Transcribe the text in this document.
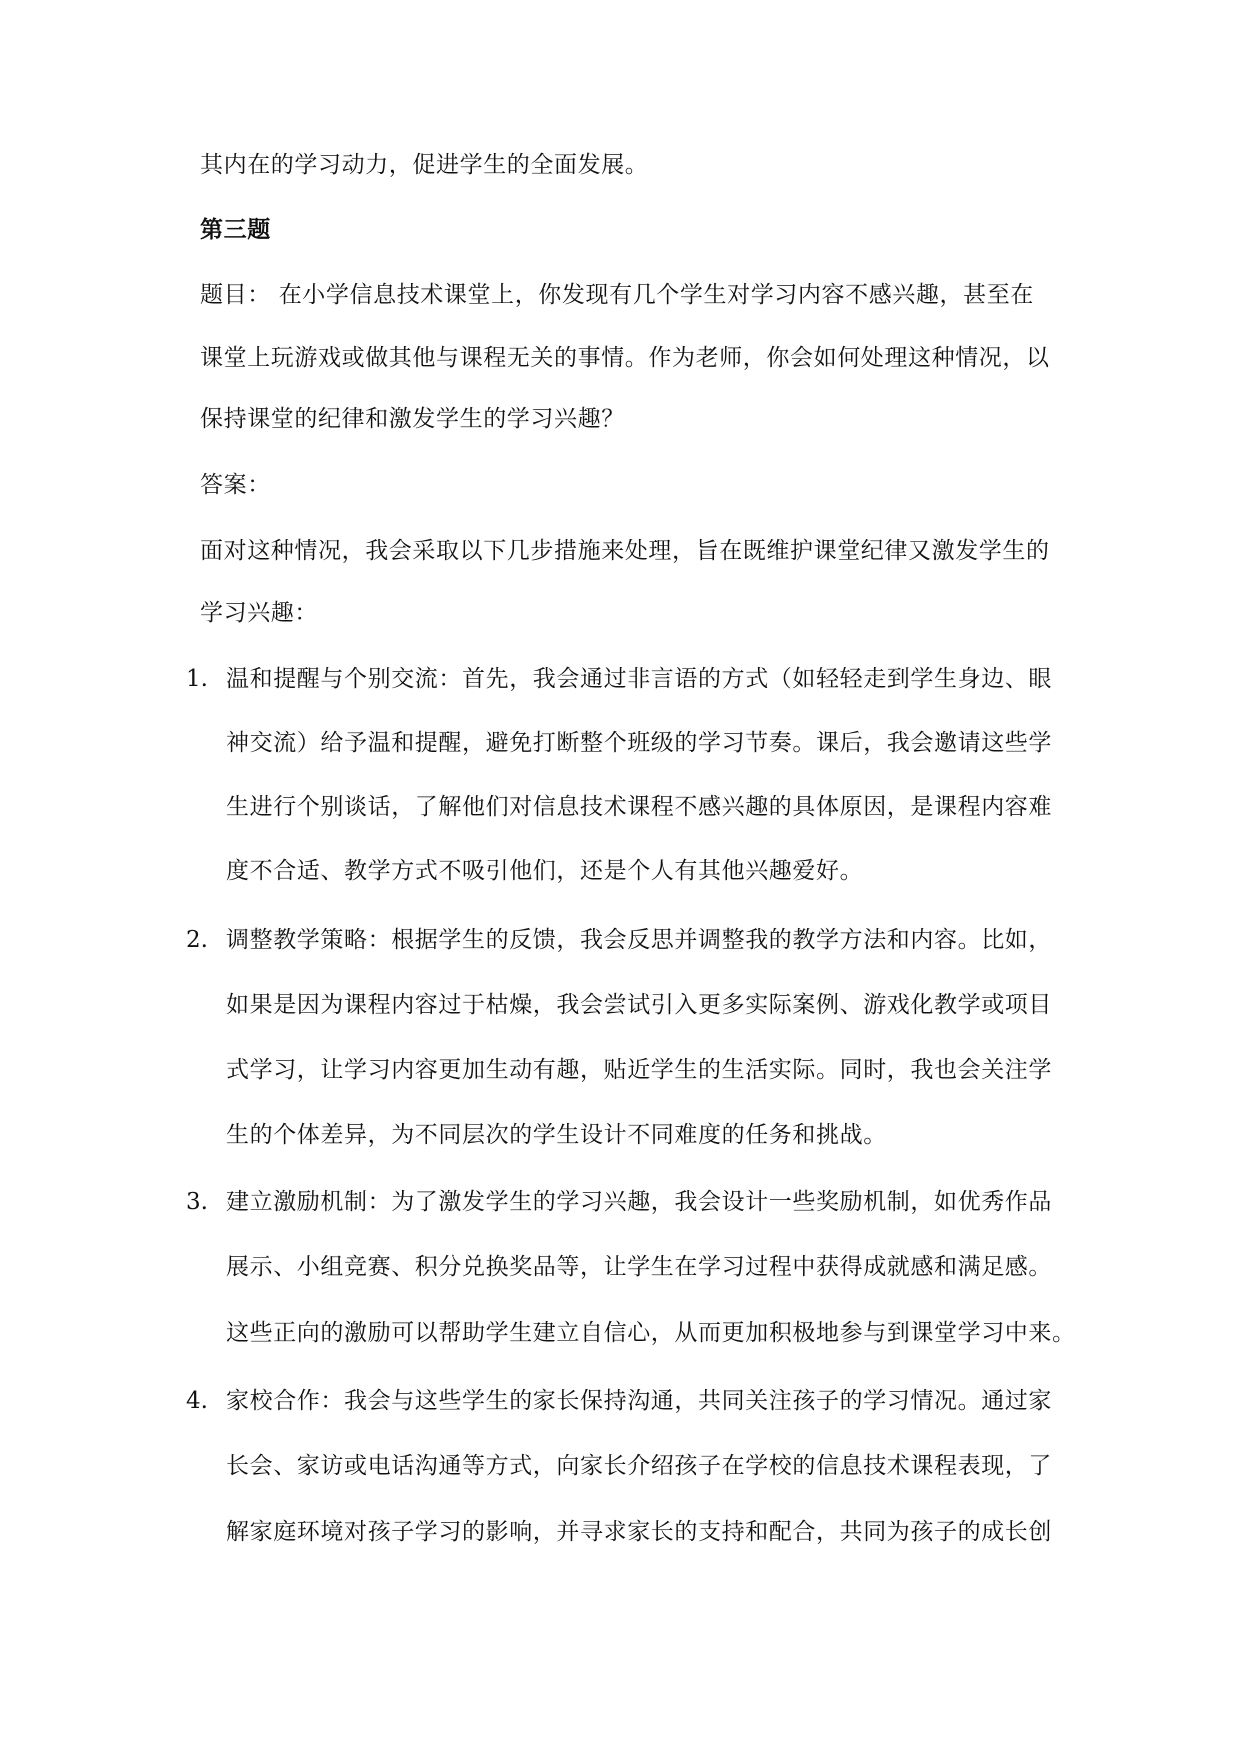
其内在的学习动力，促进学生的全面发展。
第三题
题目： 在小学信息技术课堂上，你发现有几个学生对学习内容不感兴趣，甚至在
课堂上玩游戏或做其他与课程无关的事情。作为老师，你会如何处理这种情况，以
保持课堂的纪律和激发学生的学习兴趣？
答案：
面对这种情况，我会采取以下几步措施来处理，旨在既维护课堂纪律又激发学生的
学习兴趣：
1. 温和提醒与个别交流：首先，我会通过非言语的方式（如轻轻走到学生身边、眼
神交流）给予温和提醒，避免打断整个班级的学习节奏。课后，我会邀请这些学
生进行个别谈话，了解他们对信息技术课程不感兴趣的具体原因，是课程内容难
度不合适、教学方式不吸引他们，还是个人有其他兴趣爱好。
2. 调整教学策略：根据学生的反馈，我会反思并调整我的教学方法和内容。比如，
如果是因为课程内容过于枯燥，我会尝试引入更多实际案例、游戏化教学或项目
式学习，让学习内容更加生动有趣，贴近学生的生活实际。同时，我也会关注学
生的个体差异，为不同层次的学生设计不同难度的任务和挑战。
3. 建立激励机制：为了激发学生的学习兴趣，我会设计一些奖励机制，如优秀作品
展示、小组竞赛、积分兑换奖品等，让学生在学习过程中获得成就感和满足感。
这些正向的激励可以帮助学生建立自信心，从而更加积极地参与到课堂学习中来。
4. 家校合作：我会与这些学生的家长保持沟通，共同关注孩子的学习情况。通过家
长会、家访或电话沟通等方式，向家长介绍孩子在学校的信息技术课程表现，了
解家庭环境对孩子学习的影响，并寻求家长的支持和配合，共同为孩子的成长创
